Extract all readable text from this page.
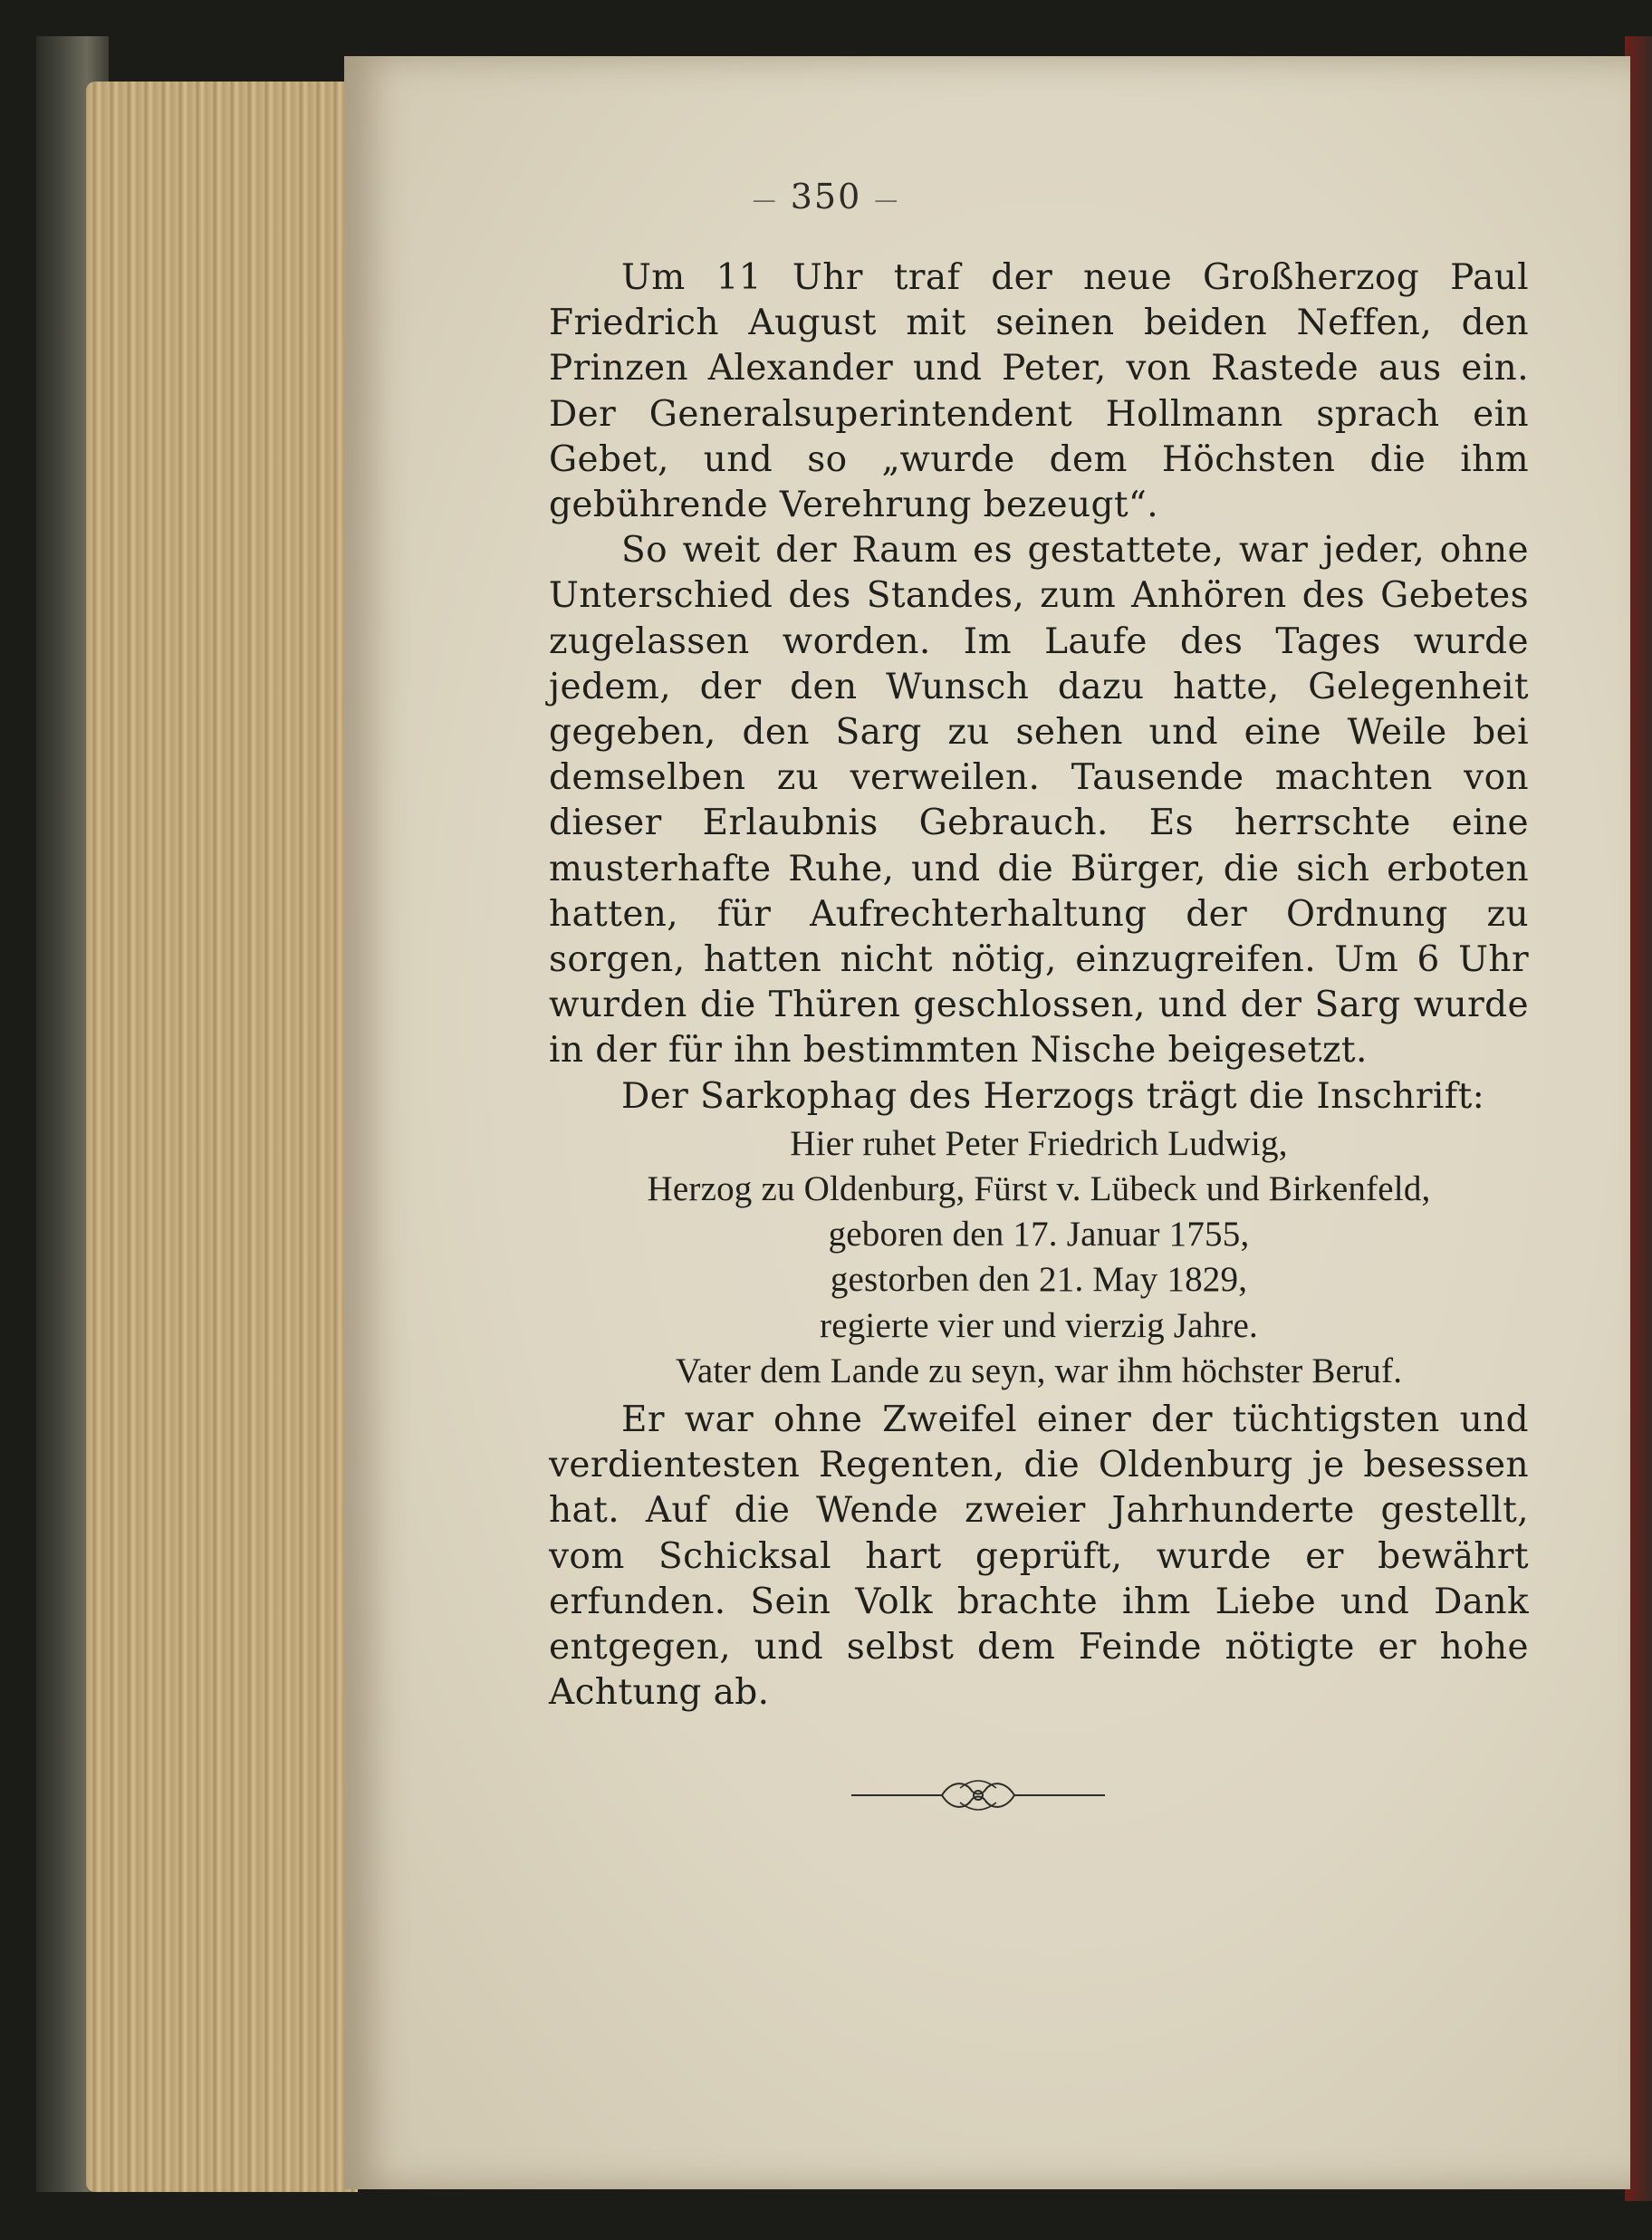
— 350 —

Um 11 Uhr traf der neue Großherzog Paul Friedrich August mit seinen beiden Neffen, den Prinzen Alexander und Peter, von Rastede aus ein. Der Generalsuperintendent Hollmann sprach ein Gebet, und so „wurde dem Höchsten die ihm gebührende Verehrung bezeugt“.

So weit der Raum es gestattete, war jeder, ohne Unterschied des Standes, zum Anhören des Gebetes zugelassen worden. Im Laufe des Tages wurde jedem, der den Wunsch dazu hatte, Gelegenheit gegeben, den Sarg zu sehen und eine Weile bei demselben zu verweilen. Tausende machten von dieser Erlaubnis Gebrauch. Es herrschte eine musterhafte Ruhe, und die Bürger, die sich erboten hatten, für Aufrechterhaltung der Ordnung zu sorgen, hatten nicht nötig, einzugreifen. Um 6 Uhr wurden die Thüren geschlossen, und der Sarg wurde in der für ihn bestimmten Nische beigesetzt.

Der Sarkophag des Herzogs trägt die Inschrift:

Hier ruhet Peter Friedrich Ludwig,
Herzog zu Oldenburg, Fürst v. Lübeck und Birkenfeld,
geboren den 17. Januar 1755,
gestorben den 21. May 1829,
regierte vier und vierzig Jahre.
Vater dem Lande zu seyn, war ihm höchster Beruf.

Er war ohne Zweifel einer der tüchtigsten und verdientesten Regenten, die Oldenburg je besessen hat. Auf die Wende zweier Jahrhunderte gestellt, vom Schicksal hart geprüft, wurde er bewährt erfunden. Sein Volk brachte ihm Liebe und Dank entgegen, und selbst dem Feinde nötigte er hohe Achtung ab.
